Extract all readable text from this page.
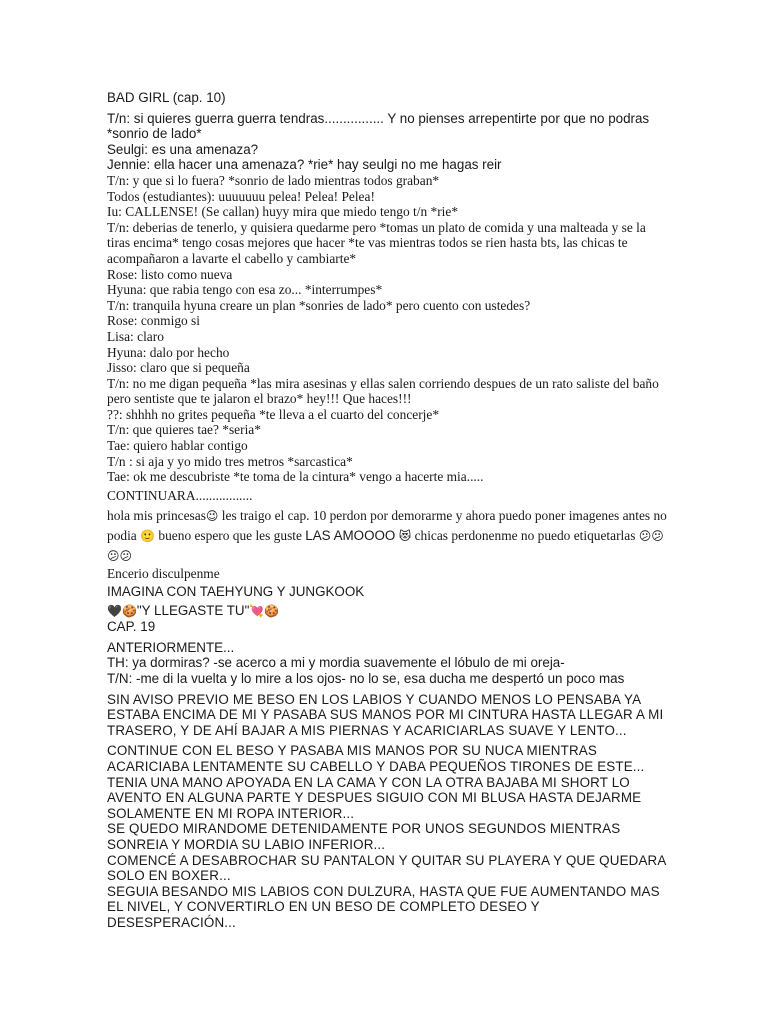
BAD GIRL (cap. 10)

T/n: si quieres guerra guerra tendras................ Y no pienses arrepentirte por que no podras *sonrio de lado*

Seulgi: es una amenaza?

Jennie: ella hacer una amenaza? *rie* hay seulgi no me hagas reir

T/n: y que si lo fuera? *sonrio de lado mientras todos graban*

Todos (estudiantes): uuuuuuu pelea! Pelea! Pelea!

Iu: CALLENSE! (Se callan) huyy mira que miedo tengo t/n *rie*

T/n: deberias de tenerlo, y quisiera quedarme pero *tomas un plato de comida y una malteada y se la tiras encima* tengo cosas mejores que hacer *te vas mientras todos se rien hasta bts, las chicas te acompañaron a lavarte el cabello y cambiarte*

Rose: listo como nueva

Hyuna: que rabia tengo con esa zo... *interrumpes*

T/n: tranquila hyuna creare un plan *sonries de lado* pero cuento con ustedes?

Rose: conmigo si

Lisa: claro

Hyuna: dalo por hecho

Jisso: claro que si pequeña

T/n: no me digan pequeña *las mira asesinas y ellas salen corriendo despues de un rato saliste del baño pero sentiste que te jalaron el brazo* hey!!! Que haces!!!

??: shhhh no grites pequeña *te lleva a el cuarto del concerje*

T/n: que quieres tae? *seria*

Tae: quiero hablar contigo

T/n : si aja y yo mido tres metros *sarcastica*

Tae: ok me descubriste *te toma de la cintura* vengo a hacerte mia.....

CONTINUARA.................

hola mis princesas😉 les traigo el cap. 10 perdon por demorarme y ahora puedo poner imagenes antes no podia 🙂 bueno espero que les guste LAS AMOOOO 😻 chicas perdonenme no puedo etiquetarlas 😕😕😕😕

Encerio disculpenme

IMAGINA CON TAEHYUNG Y JUNGKOOK

🖤🍪"Y LLEGASTE TU"💘🍪

CAP. 19

ANTERIORMENTE...

TH: ya dormiras? -se acerco a mi y mordia suavemente el lóbulo de mi oreja-

T/N: -me di la vuelta y lo mire a los ojos- no lo se, esa ducha me despertó un poco mas

SIN AVISO PREVIO ME BESO EN LOS LABIOS Y CUANDO MENOS LO PENSABA YA ESTABA ENCIMA DE MI Y PASABA SUS MANOS POR MI CINTURA HASTA LLEGAR A MI TRASERO, Y DE AHÍ BAJAR A MIS PIERNAS Y ACARICIARLAS SUAVE Y LENTO...

CONTINUE CON EL BESO Y PASABA MIS MANOS POR SU NUCA MIENTRAS ACARICIABA LENTAMENTE SU CABELLO Y DABA PEQUEÑOS TIRONES DE ESTE...

TENIA UNA MANO APOYADA EN LA CAMA Y CON LA OTRA BAJABA MI SHORT LO AVENTO EN ALGUNA PARTE Y DESPUES SIGUIO CON MI BLUSA HASTA DEJARME SOLAMENTE EN MI ROPA INTERIOR...

SE QUEDO MIRANDOME DETENIDAMENTE POR UNOS SEGUNDOS MIENTRAS SONREIA Y MORDIA SU LABIO INFERIOR...

COMENCÉ A DESABROCHAR SU PANTALON Y QUITAR SU PLAYERA Y QUE QUEDARA SOLO EN BOXER...

SEGUIA BESANDO MIS LABIOS CON DULZURA, HASTA QUE FUE AUMENTANDO MAS EL NIVEL, Y CONVERTIRLO EN UN BESO DE COMPLETO DESEO Y DESESPERACIÓN...
